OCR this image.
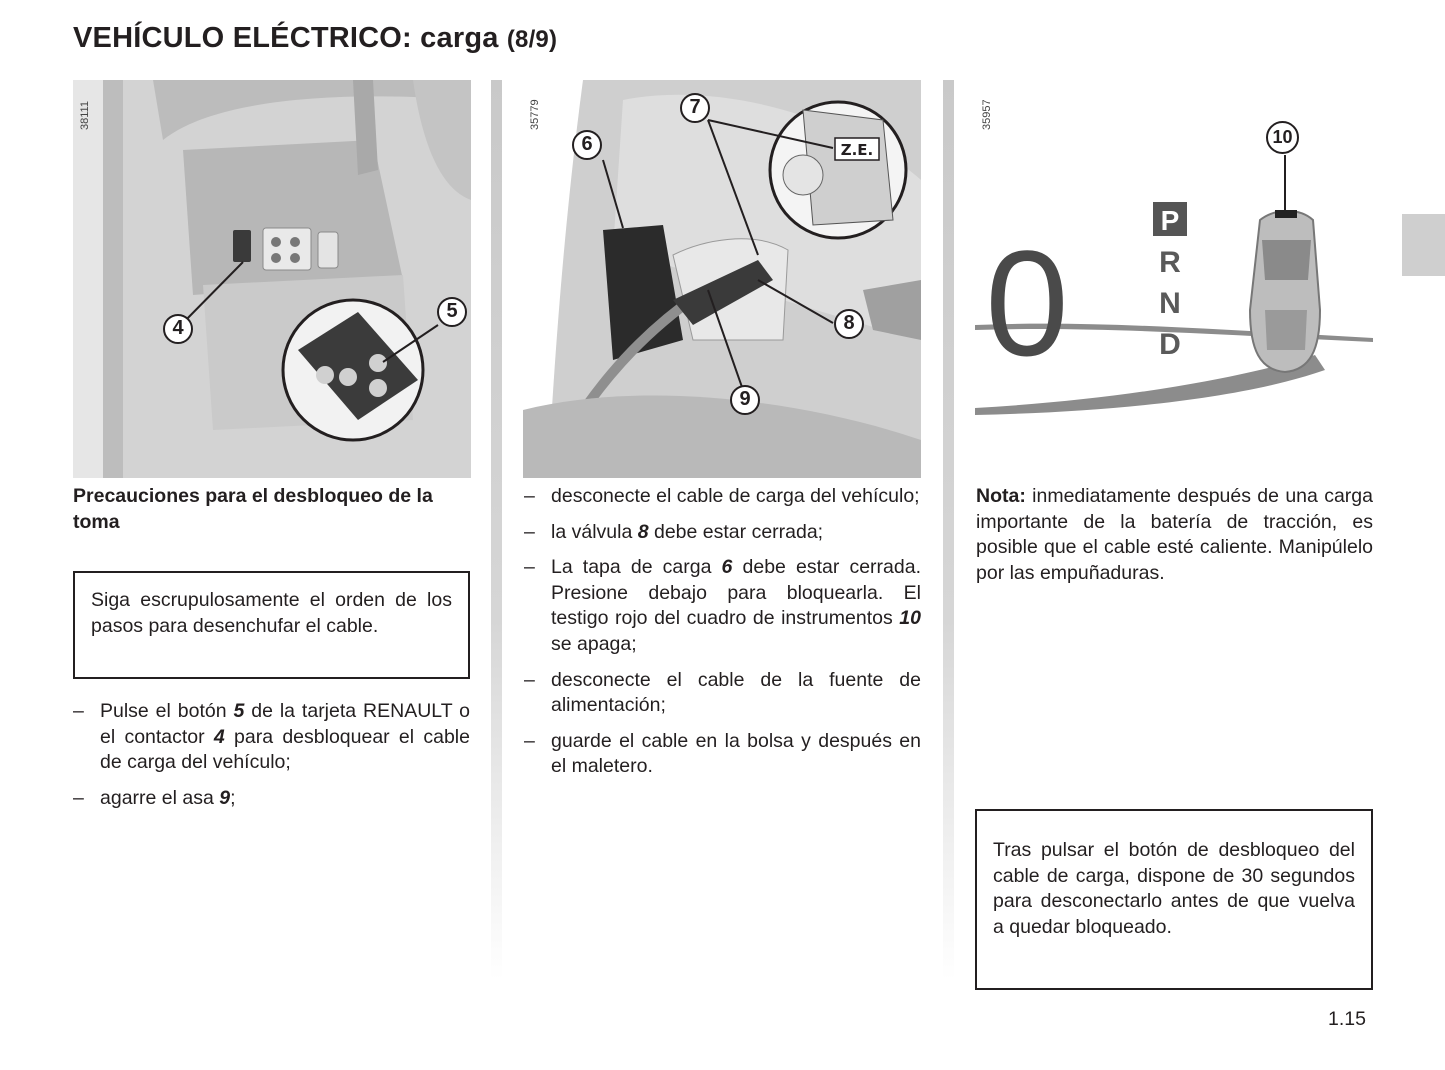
VEHÍCULO ELÉCTRICO: carga (8/9)
38111
4
5
Z.E.
35779
6
7
8
9
0	P
R
N
D
35957
10

Precauciones para el desbloqueo de la toma

Siga escrupulosamente el orden de los pasos para desenchufar el cable.

– Pulse el botón 5 de la tarjeta RENAULT o el contactor 4 para desbloquear el cable de carga del vehículo;
– agarre el asa 9;
– desconecte el cable de carga del vehículo;
– la válvula 8 debe estar cerrada;
– La tapa de carga 6 debe estar cerrada. Presione debajo para bloquearla. El testigo rojo del cuadro de instrumentos 10 se apaga;
– desconecte el cable de la fuente de alimentación;
– guarde el cable en la bolsa y después en el maletero.

Nota: inmediatamente después de una carga importante de la batería de tracción, es posible que el cable esté caliente. Manipúlelo por las empuñaduras.

Tras pulsar el botón de desbloqueo del cable de carga, dispone de 30 segundos para desconectarlo antes de que vuelva a quedar bloqueado.

1.15
